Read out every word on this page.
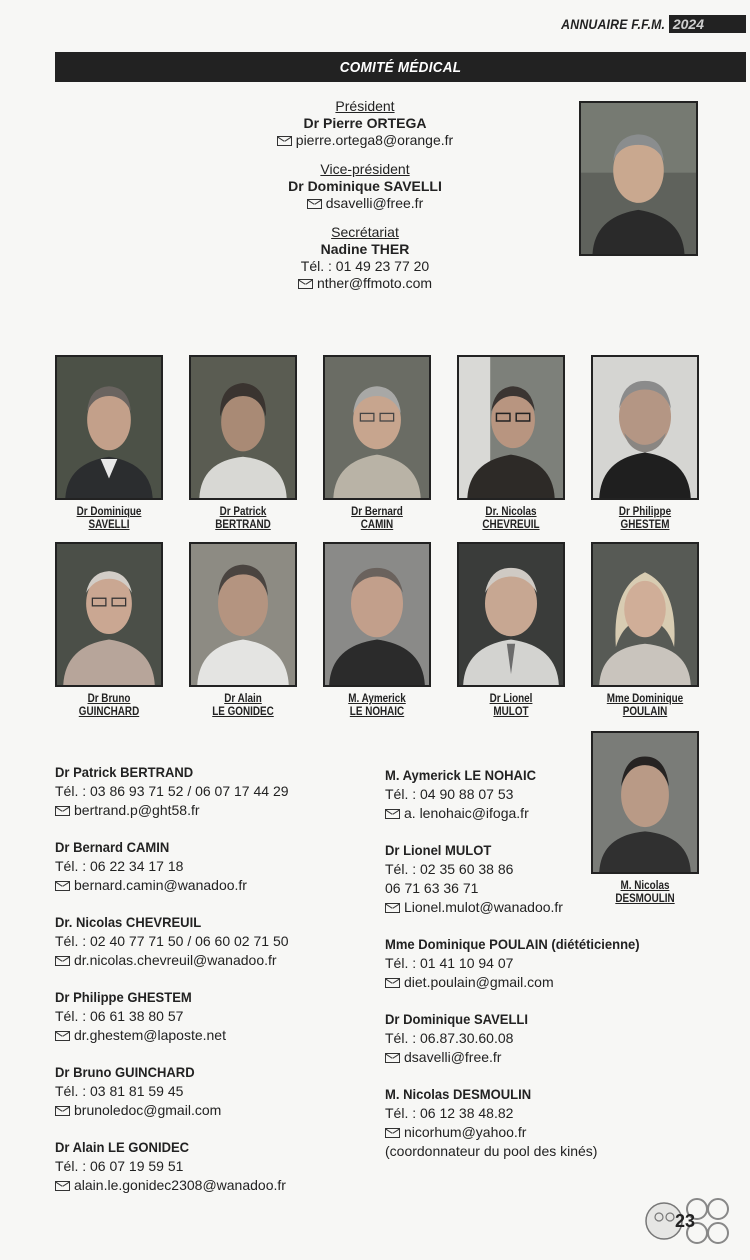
ANNUAIRE F.F.M. 2024
COMITÉ MÉDICAL
Président
Dr Pierre ORTEGA
pierre.ortega8@orange.fr
Vice-président
Dr Dominique SAVELLI
dsavelli@free.fr
Secrétariat
Nadine THER
Tél. : 01 49 23 77 20
nther@ffmoto.com
Dr Dominique
SAVELLI
Dr Patrick
BERTRAND
Dr Bernard
CAMIN
Dr. Nicolas
CHEVREUIL
Dr Philippe
GHESTEM
Dr Bruno
GUINCHARD
Dr Alain
LE GONIDEC
M. Aymerick
LE NOHAIC
Dr Lionel
MULOT
Mme Dominique
POULAIN
M. Nicolas
DESMOULIN
Dr Patrick BERTRAND
Tél. : 03 86 93 71 52 / 06 07 17 44 29
bertrand.p@ght58.fr
Dr Bernard CAMIN
Tél. : 06 22 34 17 18
bernard.camin@wanadoo.fr
Dr. Nicolas CHEVREUIL
Tél. : 02 40 77 71 50 / 06 60 02 71 50
dr.nicolas.chevreuil@wanadoo.fr
Dr Philippe GHESTEM
Tél. : 06 61 38 80 57
dr.ghestem@laposte.net
Dr Bruno GUINCHARD
Tél. : 03 81 81 59 45
brunoledoc@gmail.com
Dr Alain LE GONIDEC
Tél. : 06 07 19 59 51
alain.le.gonidec2308@wanadoo.fr
M. Aymerick LE NOHAIC
Tél. : 04 90 88 07 53
a. lenohaic@ifoga.fr
Dr Lionel MULOT
Tél. : 02 35 60 38 86
06 71 63 36 71
Lionel.mulot@wanadoo.fr
Mme Dominique POULAIN (diététicienne)
Tél. : 01 41 10 94 07
diet.poulain@gmail.com
Dr Dominique SAVELLI
Tél. : 06.87.30.60.08
dsavelli@free.fr
M. Nicolas DESMOULIN
Tél. : 06 12 38 48.82
nicorhum@yahoo.fr
(coordonnateur du pool des kinés)
23
